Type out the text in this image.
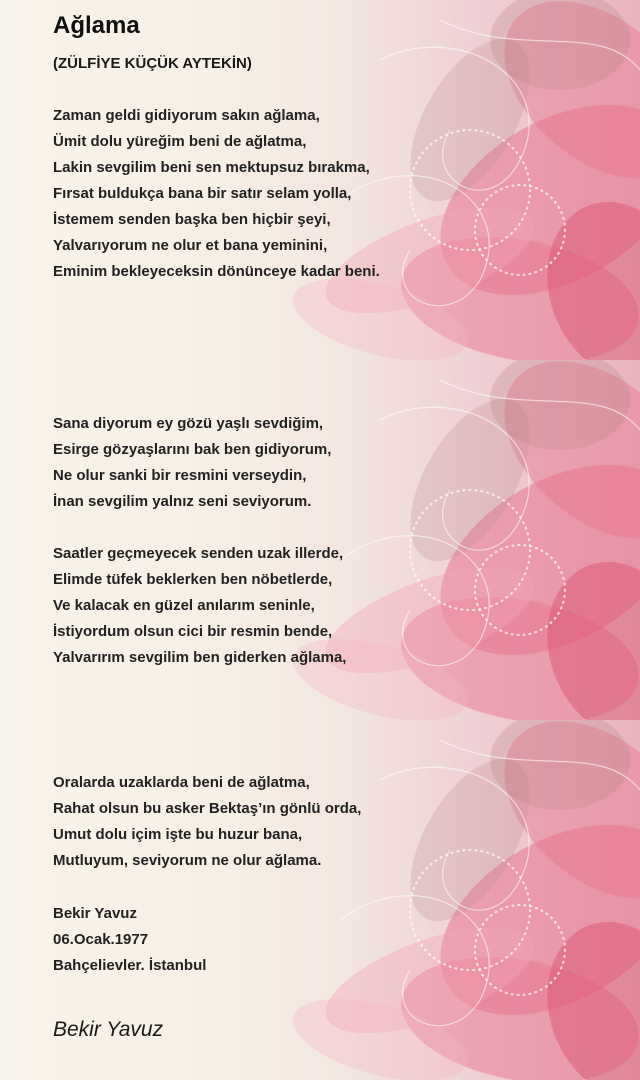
Ağlama
(ZÜLFİYE KÜÇÜK AYTEKİN)
Zaman geldi gidiyorum sakın ağlama,
Ümit dolu yüreğim beni de ağlatma,
Lakin sevgilim beni sen mektupsuz bırakma,
Fırsat buldukça bana bir satır selam yolla,
İstemem senden başka ben hiçbir şeyi,
Yalvarıyorum ne olur et bana yeminini,
Eminim bekleyeceksin dönünceye kadar beni.
Sana diyorum ey gözü yaşlı sevdiğim,
Esirge gözyaşlarını bak ben gidiyorum,
Ne olur sanki bir resmini verseydin,
İnan sevgilim yalnız seni seviyorum.
Saatler geçmeyecek senden uzak illerde,
Elimde tüfek beklerken ben nöbetlerde,
Ve kalacak en güzel anılarım seninle,
İstiyordum olsun cici bir resmin bende,
Yalvarırım sevgilim ben giderken ağlama,
Oralarda uzaklarda beni de ağlatma,
Rahat olsun bu asker Bektaş’ın gönlü orda,
Umut dolu içim işte bu huzur bana,
Mutluyum, seviyorum ne olur ağlama.
Bekir Yavuz
06.Ocak.1977
Bahçelievler. İstanbul
Bekir Yavuz
